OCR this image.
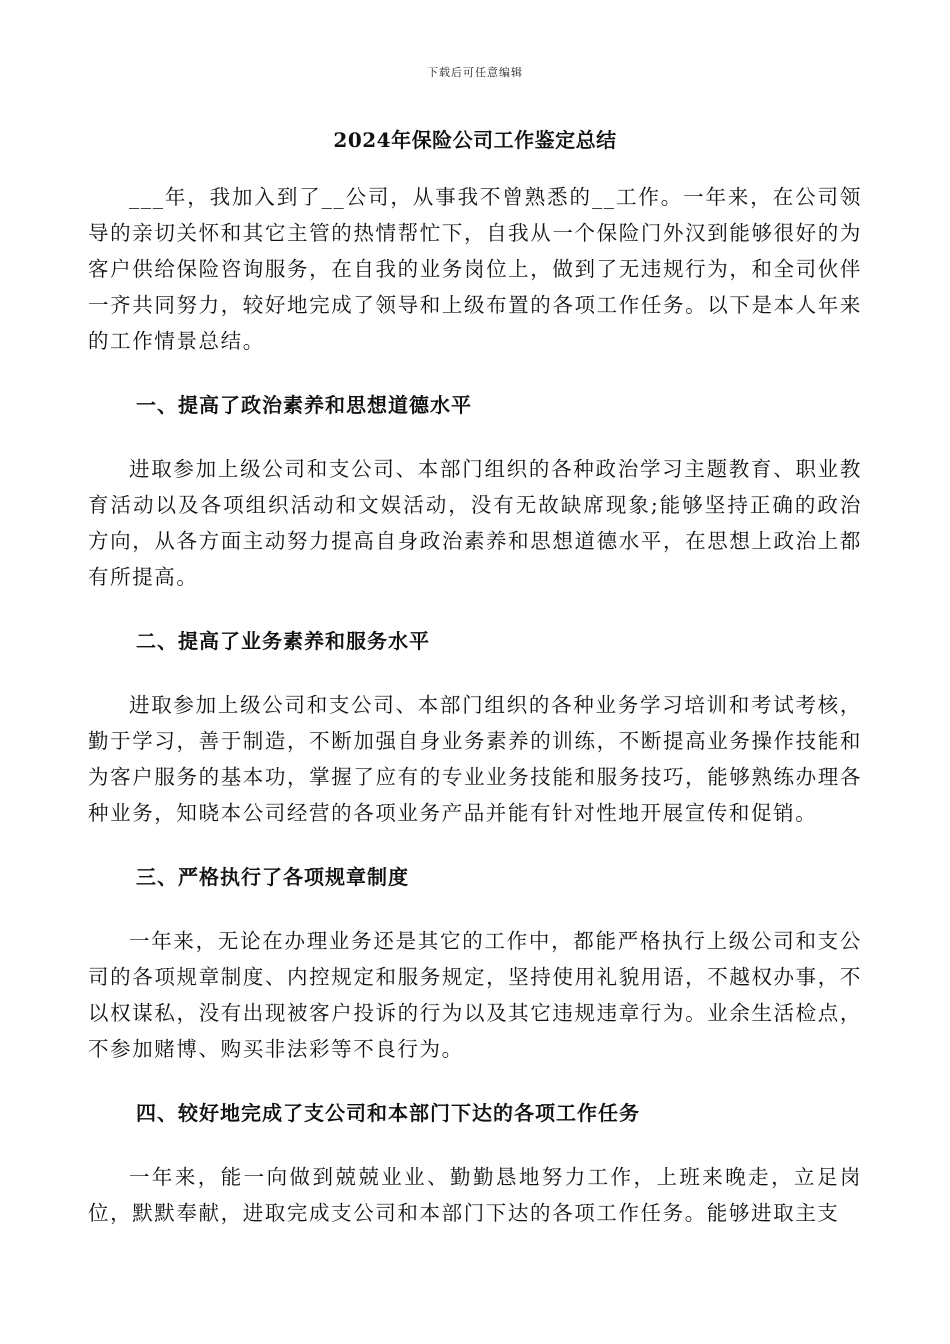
下载后可任意编辑
2024年保险公司工作鉴定总结

___年，我加入到了__公司，从事我不曾熟悉的__工作。一年来，在公司领导的亲切关怀和其它主管的热情帮忙下，自我从一个保险门外汉到能够很好的为客户供给保险咨询服务，在自我的业务岗位上，做到了无违规行为，和全司伙伴一齐共同努力，较好地完成了领导和上级布置的各项工作任务。以下是本人年来的工作情景总结。

一、提高了政治素养和思想道德水平

进取参加上级公司和支公司、本部门组织的各种政治学习主题教育、职业教育活动以及各项组织活动和文娱活动，没有无故缺席现象;能够坚持正确的政治方向，从各方面主动努力提高自身政治素养和思想道德水平，在思想上政治上都有所提高。

二、提高了业务素养和服务水平

进取参加上级公司和支公司、本部门组织的各种业务学习培训和考试考核，勤于学习，善于制造，不断加强自身业务素养的训练，不断提高业务操作技能和为客户服务的基本功，掌握了应有的专业业务技能和服务技巧，能够熟练办理各种业务，知晓本公司经营的各项业务产品并能有针对性地开展宣传和促销。

三、严格执行了各项规章制度

一年来，无论在办理业务还是其它的工作中，都能严格执行上级公司和支公司的各项规章制度、内控规定和服务规定，坚持使用礼貌用语，不越权办事，不以权谋私，没有出现被客户投诉的行为以及其它违规违章行为。业余生活检点，不参加赌博、购买非法彩等不良行为。

四、较好地完成了支公司和本部门下达的各项工作任务

一年来，能一向做到兢兢业业、勤勤恳地努力工作，上班来晚走，立足岗位，默默奉献，进取完成支公司和本部门下达的各项工作任务。能够进取主支
